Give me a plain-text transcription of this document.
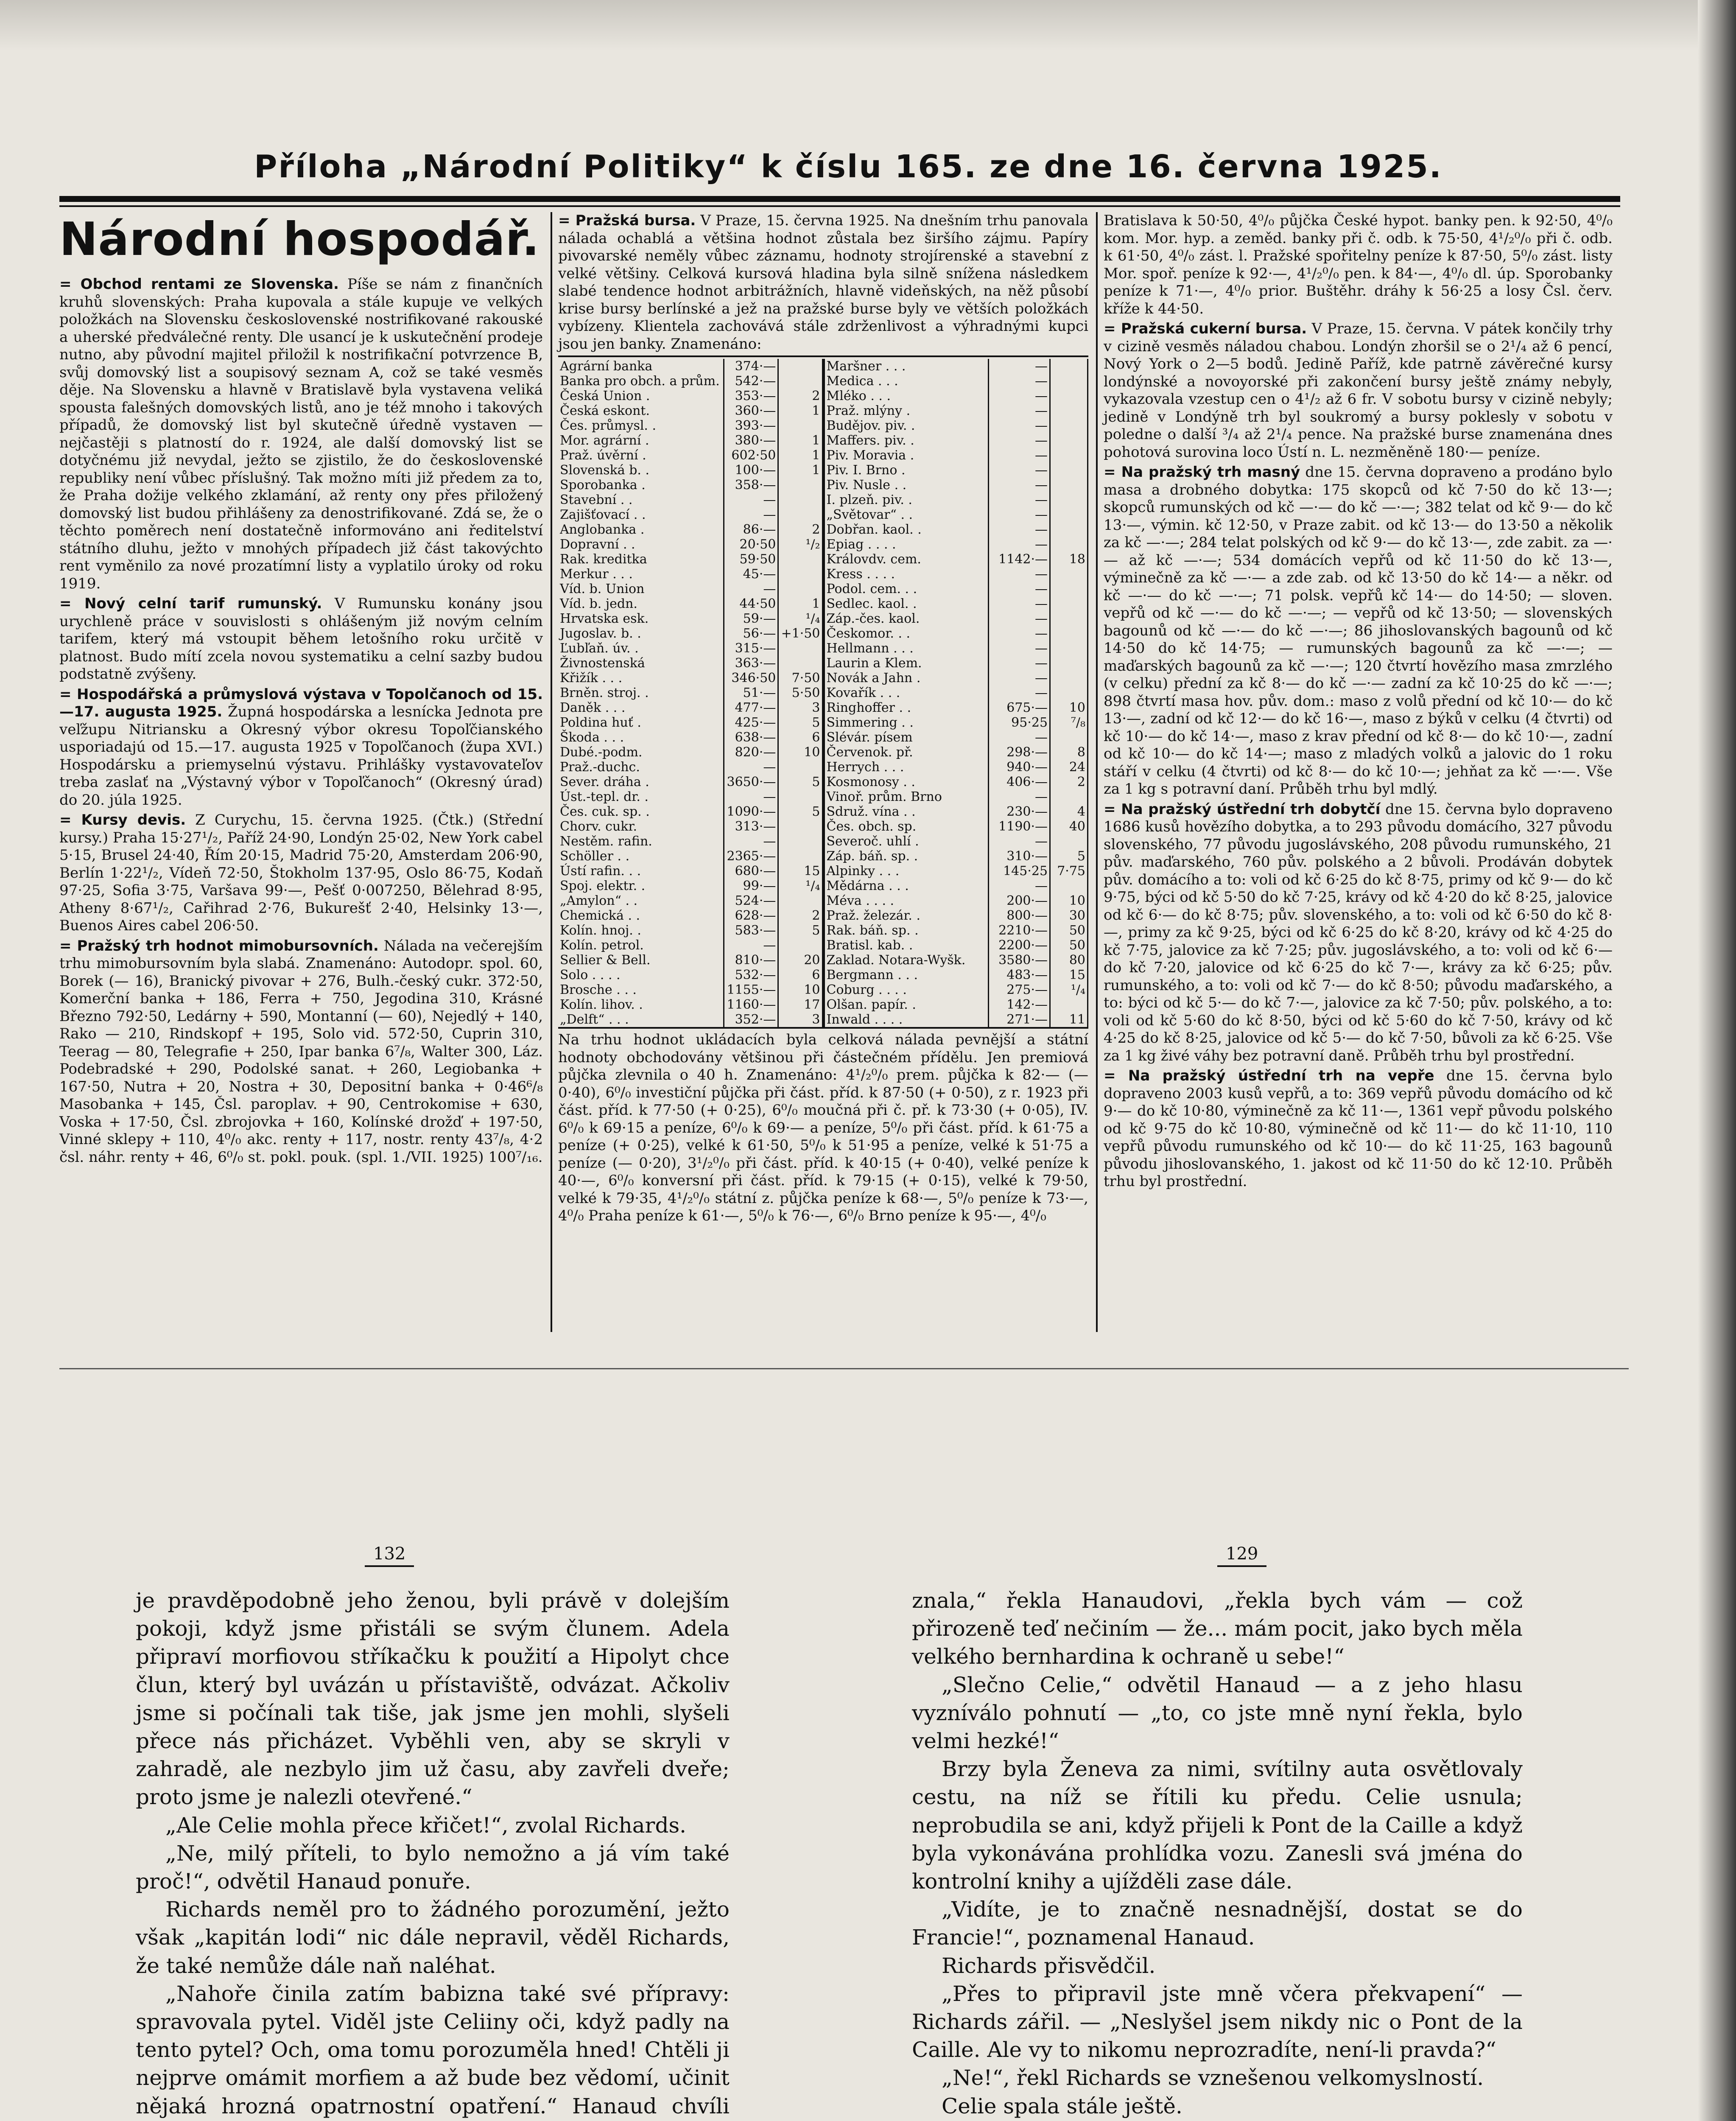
Příloha „Národní Politiky“ k číslu 165. ze dne 16. června 1925.
Národní hospodář.

= Obchod rentami ze Slovenska. Píše se nám z finančních kruhů slovenských: Praha kupovala a stále kupuje ve velkých položkách na Slovensku československé nostrifikované rakouské a uherské předválečné renty. Dle usancí je k uskutečnění prodeje nutno, aby původní majitel přiložil k nostrifikační potvrzence B, svůj domovský list a soupisový seznam A, což se také vesměs děje. Na Slovensku a hlavně v Bratislavě byla vystavena veliká spousta falešných domovských listů, ano je též mnoho i takových případů, že domovský list byl skutečně úředně vystaven — nejčastěji s platností do r. 1924, ale další domovský list se dotyčnému již nevydal, ježto se zjistilo, že do československé republiky není vůbec příslušný. Tak možno míti již předem za to, že Praha dožije velkého zklamání, až renty ony přes přiložený domovský list budou přihlášeny za denostrifikované. Zdá se, že o těchto poměrech není dostatečně informováno ani ředitelství státního dluhu, ježto v mnohých případech již část takovýchto rent vyměnilo za nové prozatímní listy a vyplatilo úroky od roku 1919.

= Nový celní tarif rumunský. V Rumunsku konány jsou urychleně práce v souvislosti s ohlášeným již novým celním tarifem, který má vstoupit během letošního roku určitě v platnost. Budo mítí zcela novou systematiku a celní sazby budou podstatně zvýšeny.

= Hospodářská a průmyslová výstava v Topolčanoch od 15.—17. augusta 1925. Župná hospodárska a lesnícka Jednota pre veľžupu Nitriansku a Okresný výbor okresu Topoľčianského usporiadajú od 15.—17. augusta 1925 v Topoľčanoch (župa XVI.) Hospodársku a priemyselnú výstavu. Prihlášky vystavovateľov treba zaslať na „Výstavný výbor v Topoľčanoch“ (Okresný úrad) do 20. júla 1925.

= Kursy devis. Z Curychu, 15. června 1925. (Čtk.) (Střední kursy.) Praha 15·27¹/₂, Paříž 24·90, Londýn 25·02, New York cabel 5·15, Brusel 24·40, Řím 20·15, Madrid 75·20, Amsterdam 206·90, Berlín 1·22¹/₂, Vídeň 72·50, Štokholm 137·95, Oslo 86·75, Kodaň 97·25, Sofia 3·75, Varšava 99·—, Pešť 0·007250, Bělehrad 8·95, Atheny 8·67¹/₂, Cařihrad 2·76, Bukurešť 2·40, Helsinky 13·—, Buenos Aires cabel 206·50.

= Pražský trh hodnot mimobursovních. Nálada na večerejším trhu mimobursovním byla slabá. Znamenáno: Autodopr. spol. 60, Borek (— 16), Branický pivovar + 276, Bulh.-český cukr. 372·50, Komerční banka + 186, Ferra + 750, Jegodina 310, Krásné Březno 792·50, Ledárny + 590, Montanní (— 60), Nejedlý + 140, Rako — 210, Rindskopf + 195, Solo vid. 572·50, Cuprin 310, Teerag — 80, Telegrafie + 250, Ipar banka 6⁷/₈, Walter 300, Láz. Podebradské + 290, Podolské sanat. + 260, Legiobanka + 167·50, Nutra + 20, Nostra + 30, Depositní banka + 0·46⁶/₈ Masobanka + 145, Čsl. paroplav. + 90, Centrokomise + 630, Voska + 17·50, Čsl. zbrojovka + 160, Kolínské drožď + 197·50, Vinné sklepy + 110, 4⁰/₀ akc. renty + 117, nostr. renty 43⁷/₈, 4·2 čsl. náhr. renty + 46, 6⁰/₀ st. pokl. pouk. (spl. 1./VII. 1925) 100⁷/₁₆.

= Pražská bursa. V Praze, 15. června 1925. Na dnešním trhu panovala nálada ochablá a většina hodnot zůstala bez širšího zájmu. Papíry pivovarské neměly vůbec záznamu, hodnoty strojírenské a stavební z velké většiny. Celková kursová hladina byla silně snížena následkem slabé tendence hodnot arbitrážních, hlavně videňských, na něž působí krise bursy berlínské a jež na pražské burse byly ve větších položkách vybízeny. Klientela zachovává stále zdrženlivost a výhradnými kupci jsou jen banky. Znamenáno:

Agrární banka	374·—	
Banka pro obch. a prům.	542·—	
Česká Union .	353·—	2
Česká eskont.	360·—	1
Čes. průmysl. .	393·—	
Mor. agrární .	380·—	1
Praž. úvěrní .	602·50	1
Slovenská b. .	100·—	1
Sporobanka .	358·—	
Stavební . .	—	
Zajišťovací . .	—	
Anglobanka .	86·—	2
Dopravní . .	20·50	¹/₂
Rak. kreditka	59·50	
Merkur . . .	45·—	
Víd. b. Union	—	
Víd. b. jedn.	44·50	1
Hrvatska esk.	59·—	¹/₄
Jugoslav. b. .	56·—	+1·50
Ľubľaň. úv. .	315·—	
Živnostenská	363·—	
Křižík . . .	346·50	7·50
Brněn. stroj. .	51·—	5·50
Daněk . . .	477·—	3
Poldina huť .	425·—	5
Škoda . . .	638·—	6
Dubé.-podm.	820·—	10
Praž.-duchc.	—	
Sever. dráha .	3650·—	5
Úst.-tepl. dr. .	—	
Čes. cuk. sp. .	1090·—	5
Chorv. cukr.	313·—	
Nestěm. rafin.	—	
Schöller . .	2365·—	
Ústí rafin. . .	680·—	15
Spoj. elektr. .	99·—	¹/₄
„Amylon“ . .	524·—	
Chemická . .	628·—	2
Kolín. hnoj. .	583·—	5
Kolín. petrol.	—	
Sellier & Bell.	810·—	20
Solo . . . .	532·—	6
Brosche . . .	1155·—	10
Kolín. lihov. .	1160·—	17
„Delft“ . . .	352·—	3
Maršner . . .	—	
Medica . . .	—	
Mléko . . .	—	
Praž. mlýny .	—	
Budějov. piv. .	—	
Maffers. piv. .	—	
Piv. Moravia .	—	
Piv. I. Brno .	—	
Piv. Nusle . .	—	
I. plzeň. piv. .	—	
„Světovar“ . .	—	
Dobřan. kaol. .	—	
Epiag . . . .	—	
Královdv. cem.	1142·—	18
Kress . . . .	—	
Podol. cem. . .	—	
Sedlec. kaol. .	—	
Záp.-čes. kaol.	—	
Českomor. . .	—	
Hellmann . . .	—	
Laurin a Klem.	—	
Novák a Jahn .	—	
Kovařík . . .	—	
Ringhoffer . .	675·—	10
Simmering . .	95·25	⁷/₈
Slévár. písem	—	
Červenok. př.	298·—	8
Herrych . . .	940·—	24
Kosmonosy . .	406·—	2
Vinoř. prům. Brno	—	
Sdruž. vína . .	230·—	4
Čes. obch. sp.	1190·—	40
Severoč. uhlí .	—	
Záp. báň. sp. .	310·—	5
Alpinky . . .	145·25	7·75
Mědárna . . .	—	
Méva . . . .	200·—	10
Praž. železár. .	800·—	30
Rak. báň. sp. .	2210·—	50
Bratisl. kab. .	2200·—	50
Zaklad. Notara-Wyšk.	3580·—	80
Bergmann . . .	483·—	15
Coburg . . . .	275·—	¹/₄
Olšan. papír. .	142·—	
Inwald . . . .	271·—	11

Na trhu hodnot ukládacích byla celková nálada pevnější a státní hodnoty obchodovány většinou při částečném přídělu. Jen premiová půjčka zlevnila o 40 h. Znamenáno: 4¹/₂⁰/₀ prem. půjčka k 82·— (— 0·40), 6⁰/₀ investiční půjčka při část. příd. k 87·50 (+ 0·50), z r. 1923 při část. příd. k 77·50 (+ 0·25), 6⁰/₀ moučná při č. př. k 73·30 (+ 0·05), IV. 6⁰/₀ k 69·15 a peníze, 6⁰/₀ k 69·— a peníze, 5⁰/₀ při část. příd. k 61·75 a peníze (+ 0·25), velké k 61·50, 5⁰/₀ k 51·95 a peníze, velké k 51·75 a peníze (— 0·20), 3¹/₂⁰/₀ při část. příd. k 40·15 (+ 0·40), velké peníze k 40·—, 6⁰/₀ konversní při část. příd. k 79·15 (+ 0·15), velké k 79·50, velké k 79·35, 4¹/₂⁰/₀ státní z. půjčka peníze k 68·—, 5⁰/₀ peníze k 73·—, 4⁰/₀ Praha peníze k 61·—, 5⁰/₀ k 76·—, 6⁰/₀ Brno peníze k 95·—, 4⁰/₀

Bratislava k 50·50, 4⁰/₀ půjčka České hypot. banky pen. k 92·50, 4⁰/₀ kom. Mor. hyp. a zeměd. banky při č. odb. k 75·50, 4¹/₂⁰/₀ při č. odb. k 61·50, 4⁰/₀ zást. l. Pražské spořitelny peníze k 87·50, 5⁰/₀ zást. listy Mor. spoř. peníze k 92·—, 4¹/₂⁰/₀ pen. k 84·—, 4⁰/₀ dl. úp. Sporobanky peníze k 71·—, 4⁰/₀ prior. Buštěhr. dráhy k 56·25 a losy Čsl. červ. kříže k 44·50.

= Pražská cukerní bursa. V Praze, 15. června. V pátek končily trhy v cizině vesměs náladou chabou. Londýn zhoršil se o 2¹/₄ až 6 pencí, Nový York o 2—5 bodů. Jedině Paříž, kde patrně závěrečné kursy londýnské a novoyorské při zakončení bursy ještě známy nebyly, vykazovala vzestup cen o 4¹/₂ až 6 fr. V sobotu bursy v cizině nebyly; jedině v Londýně trh byl soukromý a bursy poklesly v sobotu v poledne o další ³/₄ až 2¹/₄ pence. Na pražské burse znamenána dnes pohotová surovina loco Ústí n. L. nezměněně 180·— peníze.

= Na pražský trh masný dne 15. června dopraveno a prodáno bylo masa a drobného dobytka: 175 skopců od kč 7·50 do kč 13·—; skopců rumunských od kč —·— do kč —·—; 382 telat od kč 9·— do kč 13·—, výmin. kč 12·50, v Praze zabit. od kč 13·— do 13·50 a několik za kč —·—; 284 telat polských od kč 9·— do kč 13·—, zde zabit. za —·— až kč —·—; 534 domácích vepřů od kč 11·50 do kč 13·—, výminečně za kč —·— a zde zab. od kč 13·50 do kč 14·— a někr. od kč —·— do kč —·—; 71 polsk. vepřů kč 14·— do 14·50; — sloven. vepřů od kč —·— do kč —·—; — vepřů od kč 13·50; — slovenských bagounů od kč —·— do kč —·—; 86 jihoslovanských bagounů od kč 14·50 do kč 14·75; — rumunských bagounů za kč —·—; — maďarských bagounů za kč —·—; 120 čtvrtí hovězího masa zmrzlého (v celku) přední za kč 8·— do kč —·— zadní za kč 10·25 do kč —·—; 898 čtvrtí masa hov. pův. dom.: maso z volů přední od kč 10·— do kč 13·—, zadní od kč 12·— do kč 16·—, maso z býků v celku (4 čtvrti) od kč 10·— do kč 14·—, maso z krav přední od kč 8·— do kč 10·—, zadní od kč 10·— do kč 14·—; maso z mladých volků a jalovic do 1 roku stáří v celku (4 čtvrti) od kč 8·— do kč 10·—; jehňat za kč —·—. Vše za 1 kg s potravní daní. Průběh trhu byl mdlý.

= Na pražský ústřední trh dobytčí dne 15. června bylo dopraveno 1686 kusů hovězího dobytka, a to 293 původu domácího, 327 původu slovenského, 77 původu jugoslávského, 208 původu rumunského, 21 pův. maďarského, 760 pův. polského a 2 bůvoli. Prodáván dobytek pův. domácího a to: voli od kč 6·25 do kč 8·75, primy od kč 9·— do kč 9·75, býci od kč 5·50 do kč 7·25, krávy od kč 4·20 do kč 8·25, jalovice od kč 6·— do kč 8·75; pův. slovenského, a to: voli od kč 6·50 do kč 8·—, primy za kč 9·25, býci od kč 6·25 do kč 8·20, krávy od kč 4·25 do kč 7·75, jalovice za kč 7·25; pův. jugoslávského, a to: voli od kč 6·— do kč 7·20, jalovice od kč 6·25 do kč 7·—, krávy za kč 6·25; pův. rumunského, a to: voli od kč 7·— do kč 8·50; původu maďarského, a to: býci od kč 5·— do kč 7·—, jalovice za kč 7·50; pův. polského, a to: voli od kč 5·60 do kč 8·50, býci od kč 5·60 do kč 7·50, krávy od kč 4·25 do kč 8·25, jalovice od kč 5·— do kč 7·50, bůvoli za kč 6·25. Vše za 1 kg živé váhy bez potravní daně. Průběh trhu byl prostřední.

= Na pražský ústřední trh na vepře dne 15. června bylo dopraveno 2003 kusů vepřů, a to: 369 vepřů původu domácího od kč 9·— do kč 10·80, výminečně za kč 11·—, 1361 vepř původu polského od kč 9·75 do kč 10·80, výminečně od kč 11·— do kč 11·10, 110 vepřů původu rumunského od kč 10·— do kč 11·25, 163 bagounů původu jihoslovanského, 1. jakost od kč 11·50 do kč 12·10. Průběh trhu byl prostřední.

132	129

je pravděpodobně jeho ženou, byli právě v dolejším pokoji, když jsme přistáli se svým člunem. Adela připraví morfiovou stříkačku k použití a Hipolyt chce člun, který byl uvázán u přístaviště, odvázat. Ačkoliv jsme si počínali tak tiše, jak jsme jen mohli, slyšeli přece nás přicházet. Vyběhli ven, aby se skryli v zahradě, ale nezbylo jim už času, aby zavřeli dveře; proto jsme je nalezli otevřené.“

„Ale Celie mohla přece křičet!“, zvolal Richards.

„Ne, milý příteli, to bylo nemožno a já vím také proč!“, odvětil Hanaud ponuře.

Richards neměl pro to žádného porozumění, ježto však „kapitán lodi“ nic dále nepravil, věděl Richards, že také nemůže dále naň naléhat.

„Nahoře činila zatím babizna také své přípravy: spravovala pytel. Viděl jste Celiiny oči, když padly na tento pytel? Och, oma tomu porozuměla hned! Chtěli ji nejprve omámit morfiem a až bude bez vědomí, učinit nějaká hrozná opatrnostní opatření.“ Hanaud chvíli

znala,“ řekla Hanaudovi, „řekla bych vám — což přirozeně teď nečiním — že... mám pocit, jako bych měla velkého bernhardina k ochraně u sebe!“

„Slečno Celie,“ odvětil Hanaud — a z jeho hlasu vyzníválo pohnutí — „to, co jste mně nyní řekla, bylo velmi hezké!“

Brzy byla Ženeva za nimi, svítilny auta osvětlovaly cestu, na níž se řítili ku předu. Celie usnula; neprobudila se ani, když přijeli k Pont de la Caille a když byla vykonávána prohlídka vozu. Zanesli svá jména do kontrolní knihy a ujížděli zase dále.

„Vidíte, je to značně nesnadnější, dostat se do Francie!“, poznamenal Hanaud.

Richards přisvědčil.

„Přes to připravil jste mně včera překvapení“ — Richards zářil. — „Neslyšel jsem nikdy nic o Pont de la Caille. Ale vy to nikomu neprozradíte, není-li pravda?“

„Ne!“, řekl Richards se vznešenou velkomyslností.

Celie spala stále ještě.
